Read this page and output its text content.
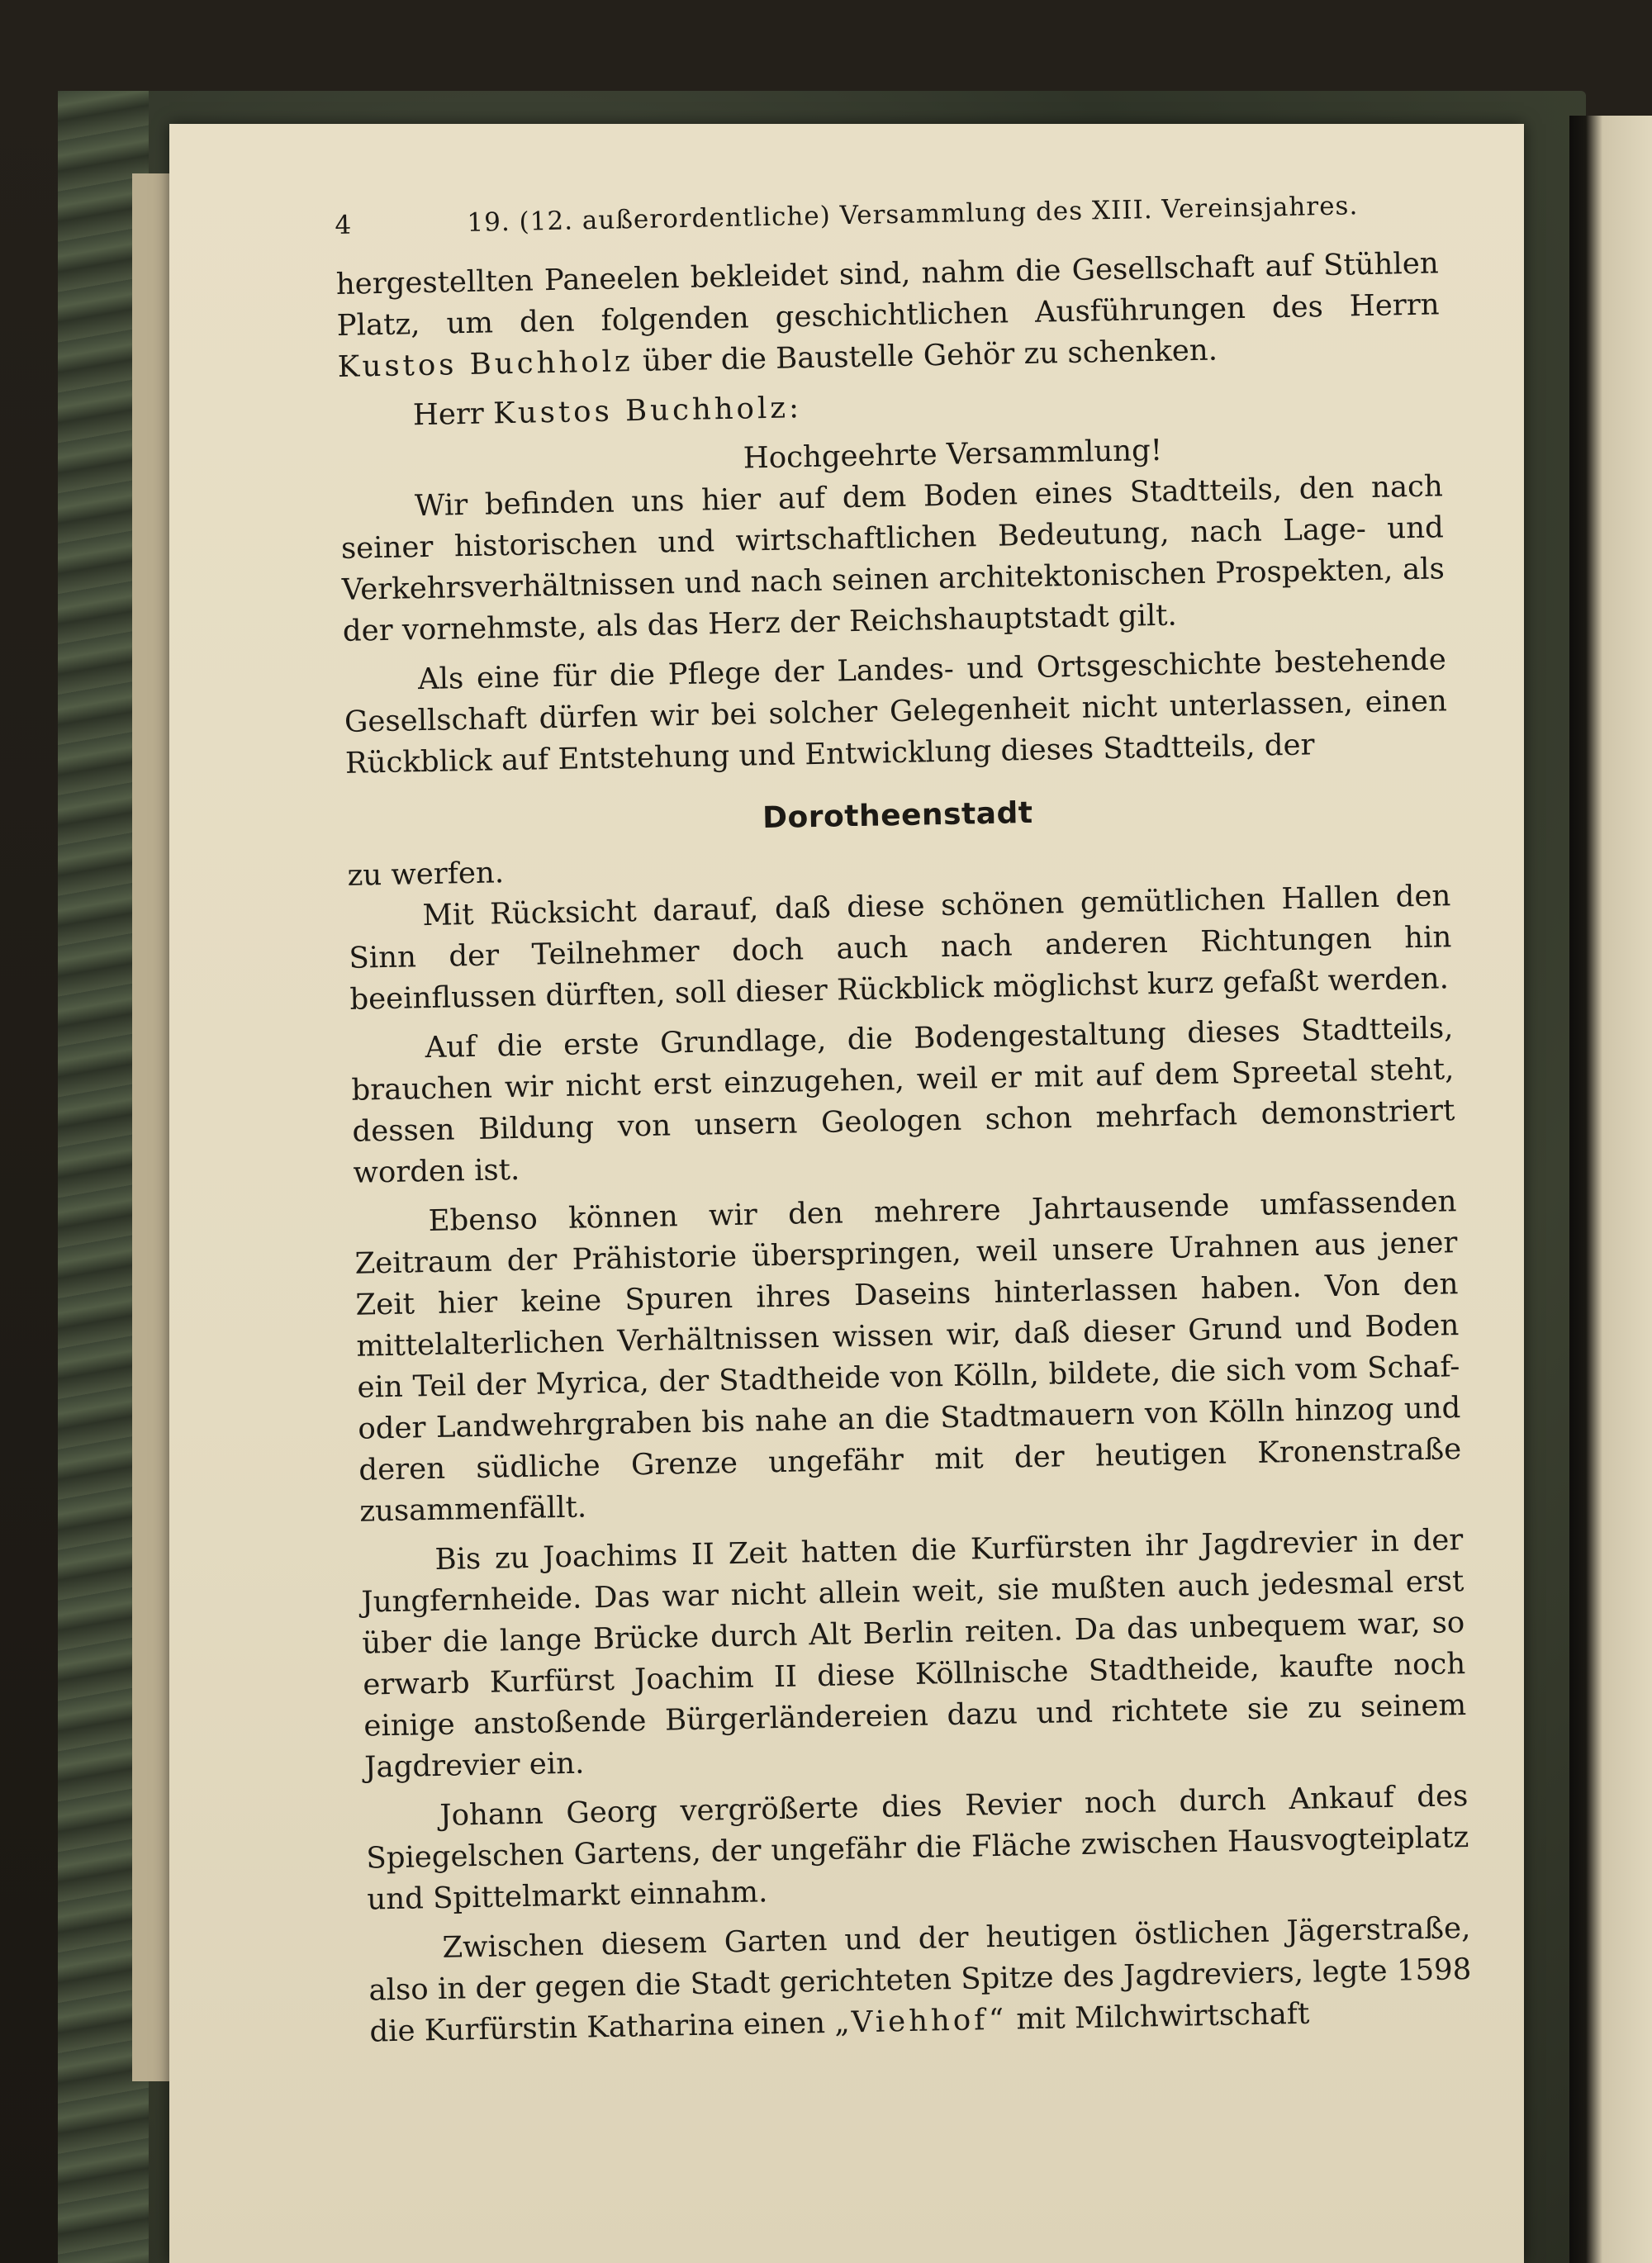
4	19. (12. außerordentliche) Versammlung des XIII. Vereinsjahres.

hergestellten Paneelen bekleidet sind, nahm die Gesellschaft auf Stühlen Platz, um den folgenden geschichtlichen Ausführungen des Herrn Kustos Buchholz über die Baustelle Gehör zu schenken.

Herr Kustos Buchholz:

Hochgeehrte Versammlung!

Wir befinden uns hier auf dem Boden eines Stadtteils, den nach seiner historischen und wirtschaftlichen Bedeutung, nach Lage- und Verkehrsverhältnissen und nach seinen architektonischen Prospekten, als der vornehmste, als das Herz der Reichshauptstadt gilt.

Als eine für die Pflege der Landes- und Ortsgeschichte bestehende Gesellschaft dürfen wir bei solcher Gelegenheit nicht unterlassen, einen Rückblick auf Entstehung und Entwicklung dieses Stadtteils, der

Dorotheenstadt

zu werfen.

Mit Rücksicht darauf, daß diese schönen gemütlichen Hallen den Sinn der Teilnehmer doch auch nach anderen Richtungen hin beeinflussen dürften, soll dieser Rückblick möglichst kurz gefaßt werden.

Auf die erste Grundlage, die Bodengestaltung dieses Stadtteils, brauchen wir nicht erst einzugehen, weil er mit auf dem Spreetal steht, dessen Bildung von unsern Geologen schon mehrfach demonstriert worden ist.

Ebenso können wir den mehrere Jahrtausende umfassenden Zeitraum der Prähistorie überspringen, weil unsere Urahnen aus jener Zeit hier keine Spuren ihres Daseins hinterlassen haben. Von den mittelalterlichen Verhältnissen wissen wir, daß dieser Grund und Boden ein Teil der Myrica, der Stadtheide von Kölln, bildete, die sich vom Schaf- oder Landwehrgraben bis nahe an die Stadtmauern von Kölln hinzog und deren südliche Grenze ungefähr mit der heutigen Kronenstraße zusammenfällt.

Bis zu Joachims II Zeit hatten die Kurfürsten ihr Jagdrevier in der Jungfernheide. Das war nicht allein weit, sie mußten auch jedesmal erst über die lange Brücke durch Alt Berlin reiten. Da das unbequem war, so erwarb Kurfürst Joachim II diese Köllnische Stadtheide, kaufte noch einige anstoßende Bürgerländereien dazu und richtete sie zu seinem Jagdrevier ein.

Johann Georg vergrößerte dies Revier noch durch Ankauf des Spiegelschen Gartens, der ungefähr die Fläche zwischen Hausvogteiplatz und Spittelmarkt einnahm.

Zwischen diesem Garten und der heutigen östlichen Jägerstraße, also in der gegen die Stadt gerichteten Spitze des Jagdreviers, legte 1598 die Kurfürstin Katharina einen „Viehhof“ mit Milchwirtschaft
